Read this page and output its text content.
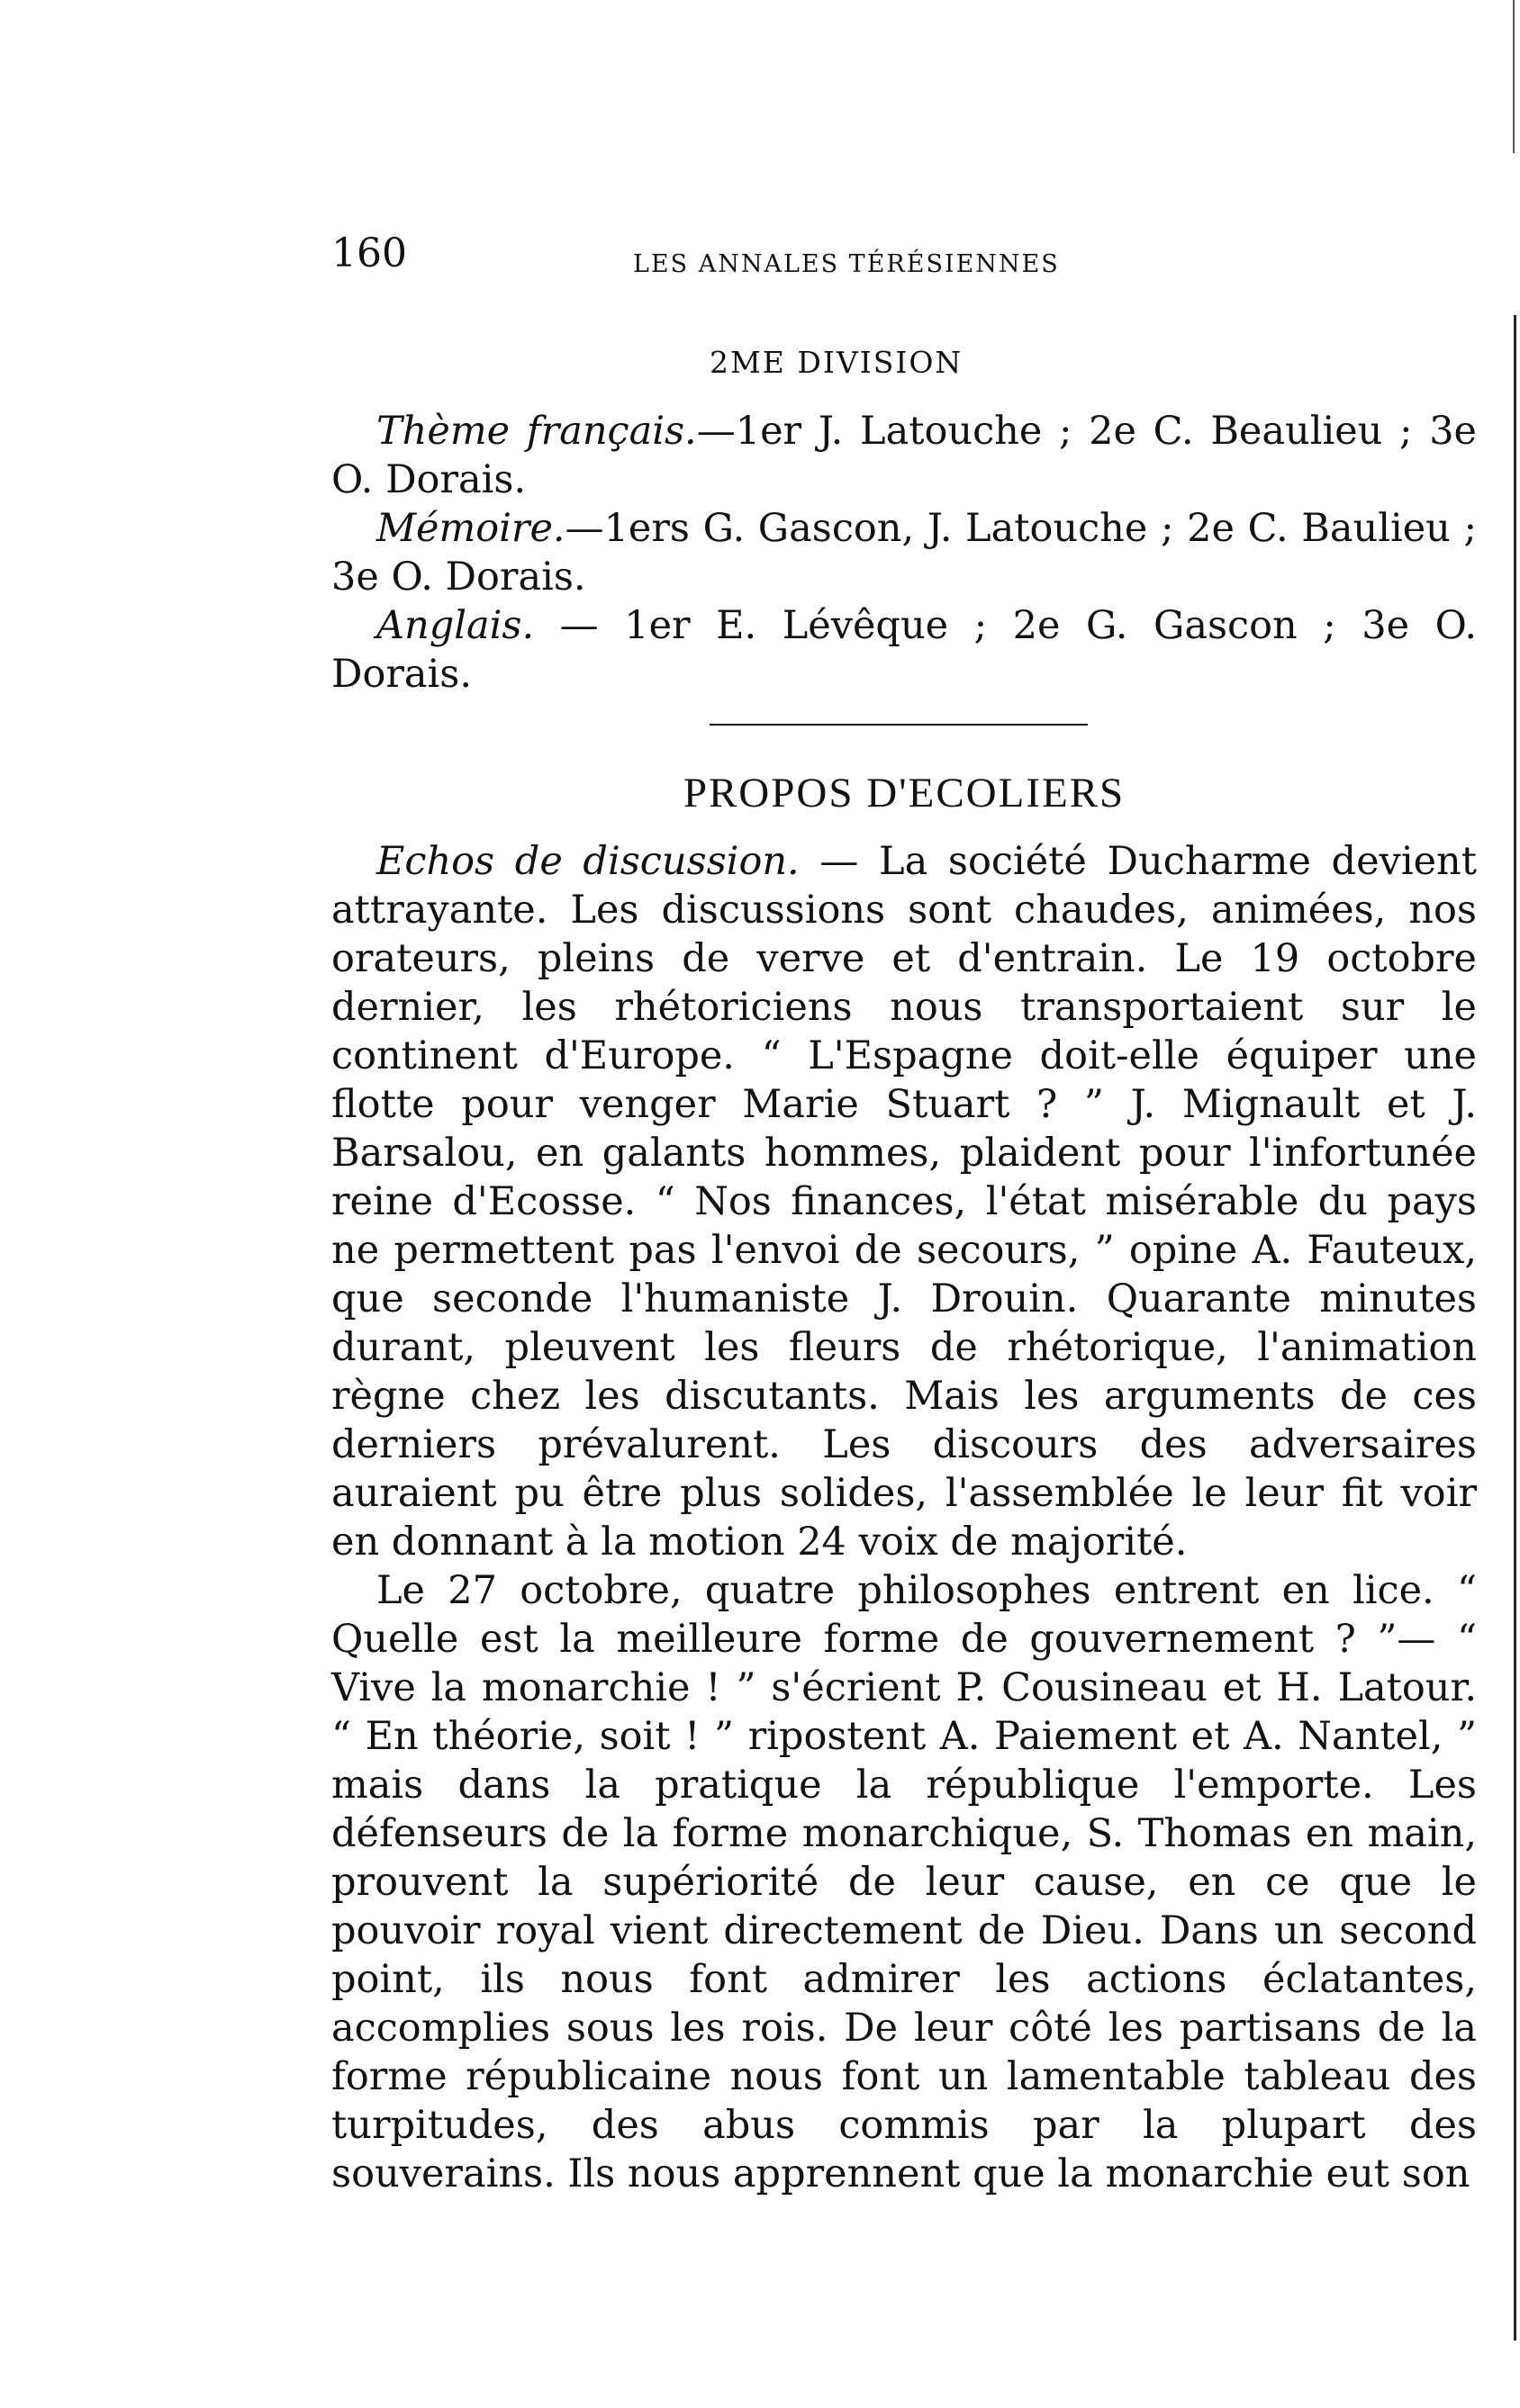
160	LES ANNALES TÉRÉSIENNES
2ME DIVISION

Thème français.—1er J. Latouche ; 2e C. Beaulieu ; 3e O. Dorais.

Mémoire.—1ers G. Gascon, J. Latouche ; 2e C. Baulieu ; 3e O. Dorais.

Anglais. — 1er E. Lévêque ; 2e G. Gascon ; 3e O. Dorais.

PROPOS D'ECOLIERS

Echos de discussion. — La société Ducharme devient attrayante. Les discussions sont chaudes, animées, nos orateurs, pleins de verve et d'entrain. Le 19 octobre dernier, les rhétoriciens nous transportaient sur le continent d'Europe. “ L'Espagne doit-elle équiper une flotte pour venger Marie Stuart ? ” J. Mignault et J. Barsalou, en galants hommes, plaident pour l'infortunée reine d'Ecosse. “ Nos finances, l'état misérable du pays ne permettent pas l'envoi de secours, ” opine A. Fauteux, que seconde l'humaniste J. Drouin. Quarante minutes durant, pleuvent les fleurs de rhétorique, l'animation règne chez les discutants. Mais les arguments de ces derniers prévalurent. Les discours des adversaires auraient pu être plus solides, l'assemblée le leur fit voir en donnant à la motion 24 voix de majorité.

Le 27 octobre, quatre philosophes entrent en lice. “ Quelle est la meilleure forme de gouvernement ? ”— “ Vive la monarchie ! ” s'écrient P. Cousineau et H. Latour. “ En théorie, soit ! ” ripostent A. Paiement et A. Nantel, ” mais dans la pratique la république l'emporte. Les défenseurs de la forme monarchique, S. Thomas en main, prouvent la supériorité de leur cause, en ce que le pouvoir royal vient directement de Dieu. Dans un second point, ils nous font admirer les actions éclatantes, accomplies sous les rois. De leur côté les partisans de la forme républicaine nous font un lamentable tableau des turpitudes, des abus commis par la plupart des souverains. Ils nous apprennent que la monarchie eut son
